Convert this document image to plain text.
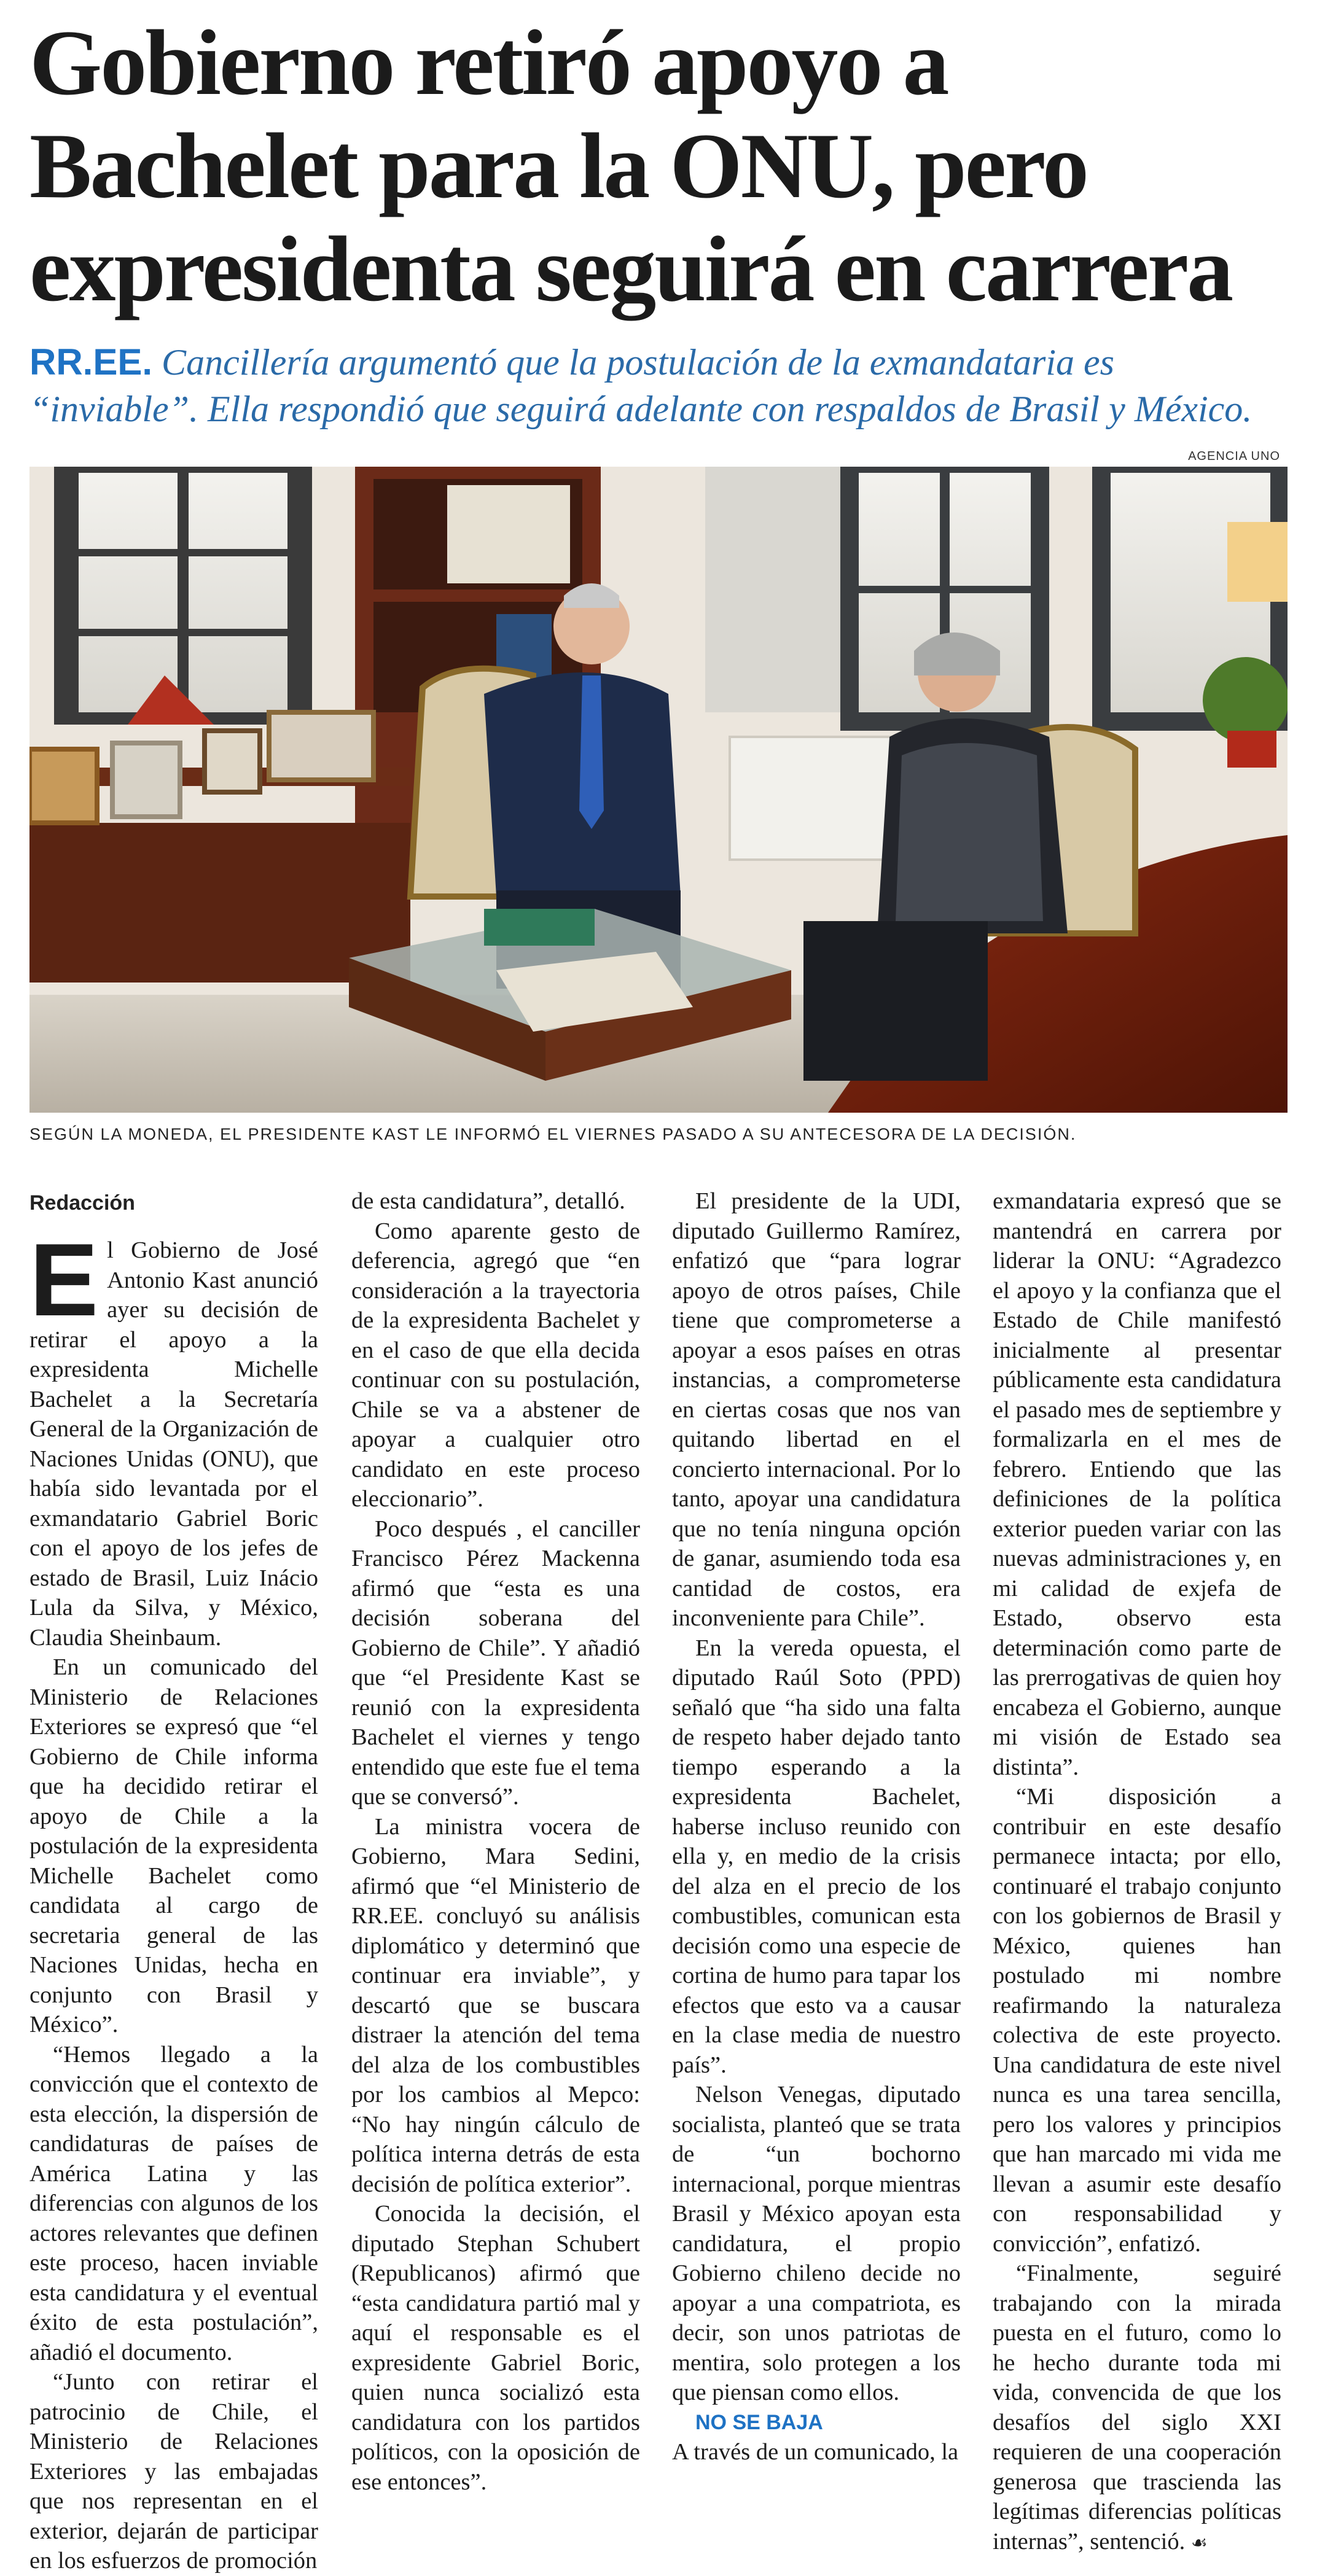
Gobierno retiró apoyo a Bachelet para la ONU, pero expresidenta seguirá en carrera

RR.EE. Cancillería argumentó que la postulación de la exmandataria es “inviable”. Ella respondió que seguirá adelante con respaldos de Brasil y México.

AGENCIA UNO
SEGÚN LA MONEDA, EL PRESIDENTE KAST LE INFORMÓ EL VIERNES PASADO A SU ANTECESORA DE LA DECISIÓN.
Redacción
E l Gobierno de José Antonio Kast anunció ayer su decisión de retirar el apoyo a la expresidenta Michelle Bachelet a la Secretaría General de la Organización de Naciones Unidas (ONU), que había sido levantada por el exmandatario Gabriel Boric con el apoyo de los jefes de estado de Brasil, Luiz Inácio Lula da Silva, y México, Claudia Sheinbaum.

En un comunicado del Ministerio de Relaciones Exteriores se expresó que “el Gobierno de Chile informa que ha decidido retirar el apoyo de Chile a la postulación de la expresidenta Michelle Bachelet como candidata al cargo de secretaria general de las Naciones Unidas, hecha en conjunto con Brasil y México”.

“Hemos llegado a la convicción que el contexto de esta elección, la dispersión de candidaturas de países de América Latina y las diferencias con algunos de los actores relevantes que definen este proceso, hacen inviable esta candidatura y el eventual éxito de esta postulación”, añadió el documento.

“Junto con retirar el patrocinio de Chile, el Ministerio de Relaciones Exteriores y las embajadas que nos representan en el exterior, dejarán de participar en los esfuerzos de promoción

de esta candidatura”, detalló.

Como aparente gesto de deferencia, agregó que “en consideración a la trayectoria de la expresidenta Bachelet y en el caso de que ella decida continuar con su postulación, Chile se va a abstener de apoyar a cualquier otro candidato en este proceso eleccionario”.

Poco después , el canciller Francisco Pérez Mackenna afirmó que “esta es una decisión soberana del Gobierno de Chile”. Y añadió que “el Presidente Kast se reunió con la expresidenta Bachelet el viernes y tengo entendido que este fue el tema que se conversó”.

La ministra vocera de Gobierno, Mara Sedini, afirmó que “el Ministerio de RR.EE. concluyó su análisis diplomático y determinó que continuar era inviable”, y descartó que se buscara distraer la atención del tema del alza de los combustibles por los cambios al Mepco: “No hay ningún cálculo de política interna detrás de esta decisión de política exterior”.

Conocida la decisión, el diputado Stephan Schubert (Republicanos) afirmó que “esta candidatura partió mal y aquí el responsable es el expresidente Gabriel Boric, quien nunca socializó esta candidatura con los partidos políticos, con la oposición de ese entonces”.

El presidente de la UDI, diputado Guillermo Ramírez, enfatizó que “para lograr apoyo de otros países, Chile tiene que comprometerse a apoyar a esos países en otras instancias, a comprometerse en ciertas cosas que nos van quitando libertad en el concierto internacional. Por lo tanto, apoyar una candidatura que no tenía ninguna opción de ganar, asumiendo toda esa cantidad de costos, era inconveniente para Chile”.

En la vereda opuesta, el diputado Raúl Soto (PPD) señaló que “ha sido una falta de respeto haber dejado tanto tiempo esperando a la expresidenta Bachelet, haberse incluso reunido con ella y, en medio de la crisis del alza en el precio de los combustibles, comunican esta decisión como una especie de cortina de humo para tapar los efectos que esto va a causar en la clase media de nuestro país”.

Nelson Venegas, diputado socialista, planteó que se trata de “un bochorno internacional, porque mientras Brasil y México apoyan esta candidatura, el propio Gobierno chileno decide no apoyar a una compatriota, es decir, son unos patriotas de mentira, solo protegen a los que piensan como ellos.

NO SE BAJA

A través de un comunicado, la

exmandataria expresó que se mantendrá en carrera por liderar la ONU: “Agradezco el apoyo y la confianza que el Estado de Chile manifestó inicialmente al presentar públicamente esta candidatura el pasado mes de septiembre y formalizarla en el mes de febrero. Entiendo que las definiciones de la política exterior pueden variar con las nuevas administraciones y, en mi calidad de exjefa de Estado, observo esta determinación como parte de las prerrogativas de quien hoy encabeza el Gobierno, aunque mi visión de Estado sea distinta”.

“Mi disposición a contribuir en este desafío permanece intacta; por ello, continuaré el trabajo conjunto con los gobiernos de Brasil y México, quienes han postulado mi nombre reafirmando la naturaleza colectiva de este proyecto. Una candidatura de este nivel nunca es una tarea sencilla, pero los valores y principios que han marcado mi vida me llevan a asumir este desafío con responsabilidad y convicción”, enfatizó.

“Finalmente, seguiré trabajando con la mirada puesta en el futuro, como lo he hecho durante toda mi vida, convencida de que los desafíos del siglo XXI requieren de una cooperación generosa que trascienda las legítimas diferencias políticas internas”, sentenció. ☙
